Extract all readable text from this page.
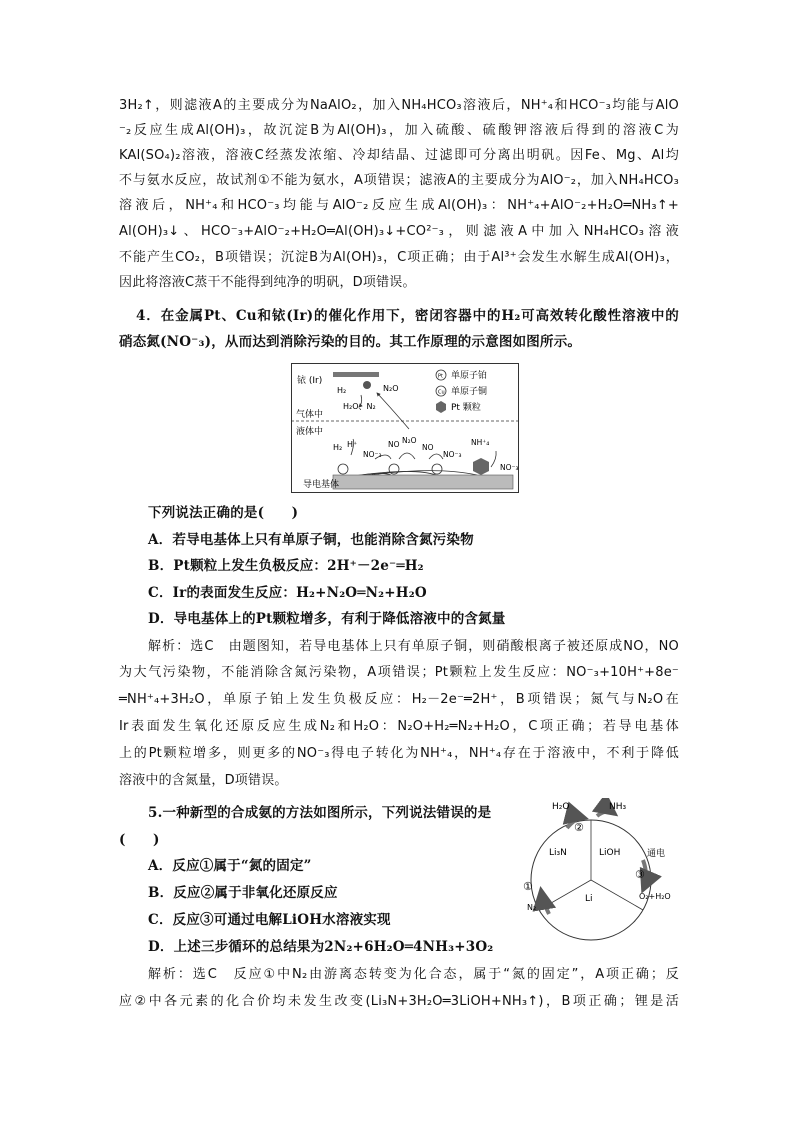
3H₂↑，则滤液A的主要成分为NaAlO₂，加入NH₄HCO₃溶液后，NH⁺₄和HCO⁻₃均能与AlO
⁻₂反应生成Al(OH)₃，故沉淀B为Al(OH)₃，加入硫酸、硫酸钾溶液后得到的溶液C为
KAl(SO₄)₂溶液，溶液C经蒸发浓缩、冷却结晶、过滤即可分离出明矾。因Fe、Mg、Al均
不与氨水反应，故试剂①不能为氨水，A项错误；滤液A的主要成分为AlO⁻₂，加入NH₄HCO₃
溶液后，NH⁺₄和HCO⁻₃均能与AlO⁻₂反应生成Al(OH)₃：NH⁺₄+AlO⁻₂+H₂O═NH₃↑+
Al(OH)₃↓、HCO⁻₃+AlO⁻₂+H₂O═Al(OH)₃↓+CO²⁻₃，则滤液A中加入NH₄HCO₃溶液
不能产生CO₂，B项错误；沉淀B为Al(OH)₃，C项正确；由于Al³⁺会发生水解生成Al(OH)₃，
因此将溶液C蒸干不能得到纯净的明矾，D项错误。
4．在金属Pt、Cu和铱(Ir)的催化作用下，密闭容器中的H₂可高效转化酸性溶液中的
硝态氮(NO⁻₃)，从而达到消除污染的目的。其工作原理的示意图如图所示。
铱 (Ir)
H₂	N₂O
H₂O、N₂
Pt 单原子铂
Cu 单原子铜
Pt 颗粒
气体中
液体中
H₂ H⁺
NO⁻₃
NO N₂O
NO
NO⁻₃
NH⁺₄
NO⁻₃
导电基体
下列说法正确的是(　　)
A．若导电基体上只有单原子铜，也能消除含氮污染物
B．Pt颗粒上发生负极反应：2H⁺－2e⁻═H₂
C．Ir的表面发生反应：H₂+N₂O═N₂+H₂O
D．导电基体上的Pt颗粒增多，有利于降低溶液中的含氮量
解析：选C　由题图知，若导电基体上只有单原子铜，则硝酸根离子被还原成NO，NO
为大气污染物，不能消除含氮污染物，A项错误；Pt颗粒上发生反应：NO⁻₃+10H⁺+8e⁻
═NH⁺₄+3H₂O，单原子铂上发生负极反应：H₂－2e⁻═2H⁺，B项错误；氮气与N₂O在
Ir表面发生氧化还原反应生成N₂和H₂O：N₂O+H₂═N₂+H₂O，C项正确；若导电基体
上的Pt颗粒增多，则更多的NO⁻₃得电子转化为NH⁺₄，NH⁺₄存在于溶液中，不利于降低
溶液中的含氮量，D项错误。
5.一种新型的合成氨的方法如图所示，下列说法错误的是
(　　)
A．反应①属于“氮的固定”
B．反应②属于非氧化还原反应
C．反应③可通过电解LiOH水溶液实现
D．上述三步循环的总结果为2N₂+6H₂O═4NH₃+3O₂
Li₃N	LiOH
Li
H₂O	NH₃
②
通电
③
O₂+H₂O
①
N₂
解析：选C　反应①中N₂由游离态转变为化合态，属于“氮的固定”，A项正确；反
应②中各元素的化合价均未发生改变(Li₃N+3H₂O═3LiOH+NH₃↑)，B项正确；锂是活
